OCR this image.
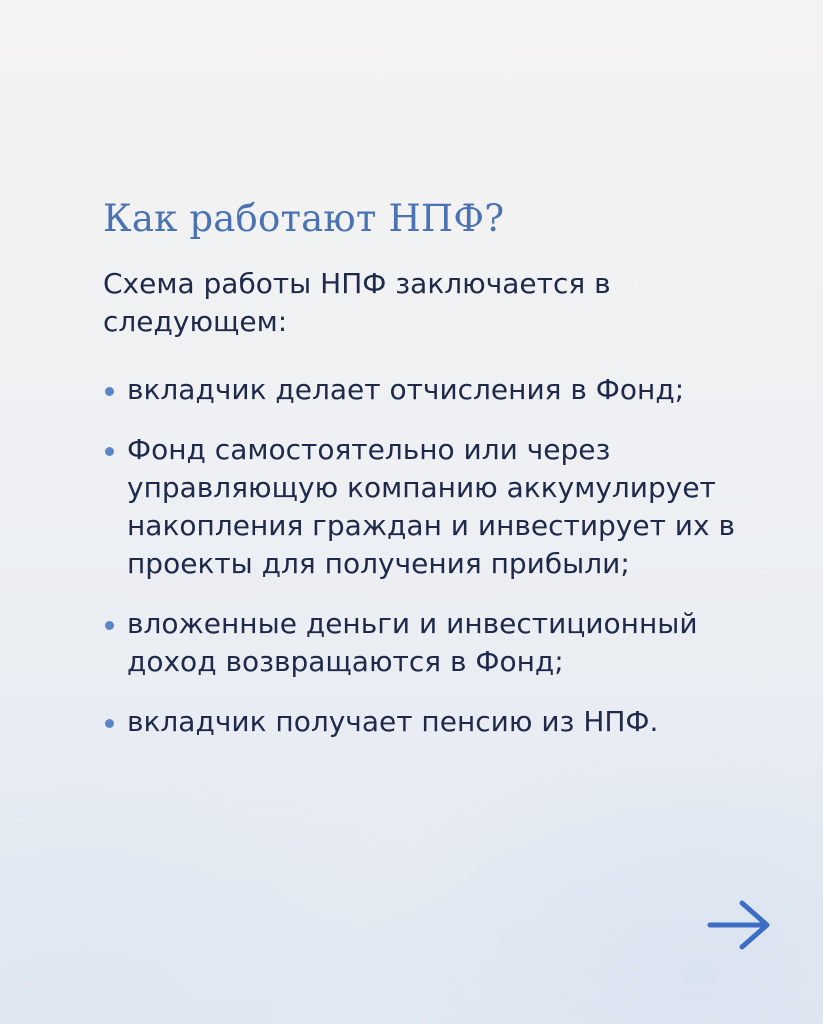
Как работают НПФ?

Схема работы НПФ заключается в следующем:

вкладчик делает отчисления в Фонд;
Фонд самостоятельно или через управляющую компанию аккумулирует накопления граждан и инвестирует их в проекты для получения прибыли;
вложенные деньги и инвестиционный доход возвращаются в Фонд;
вкладчик получает пенсию из НПФ.
